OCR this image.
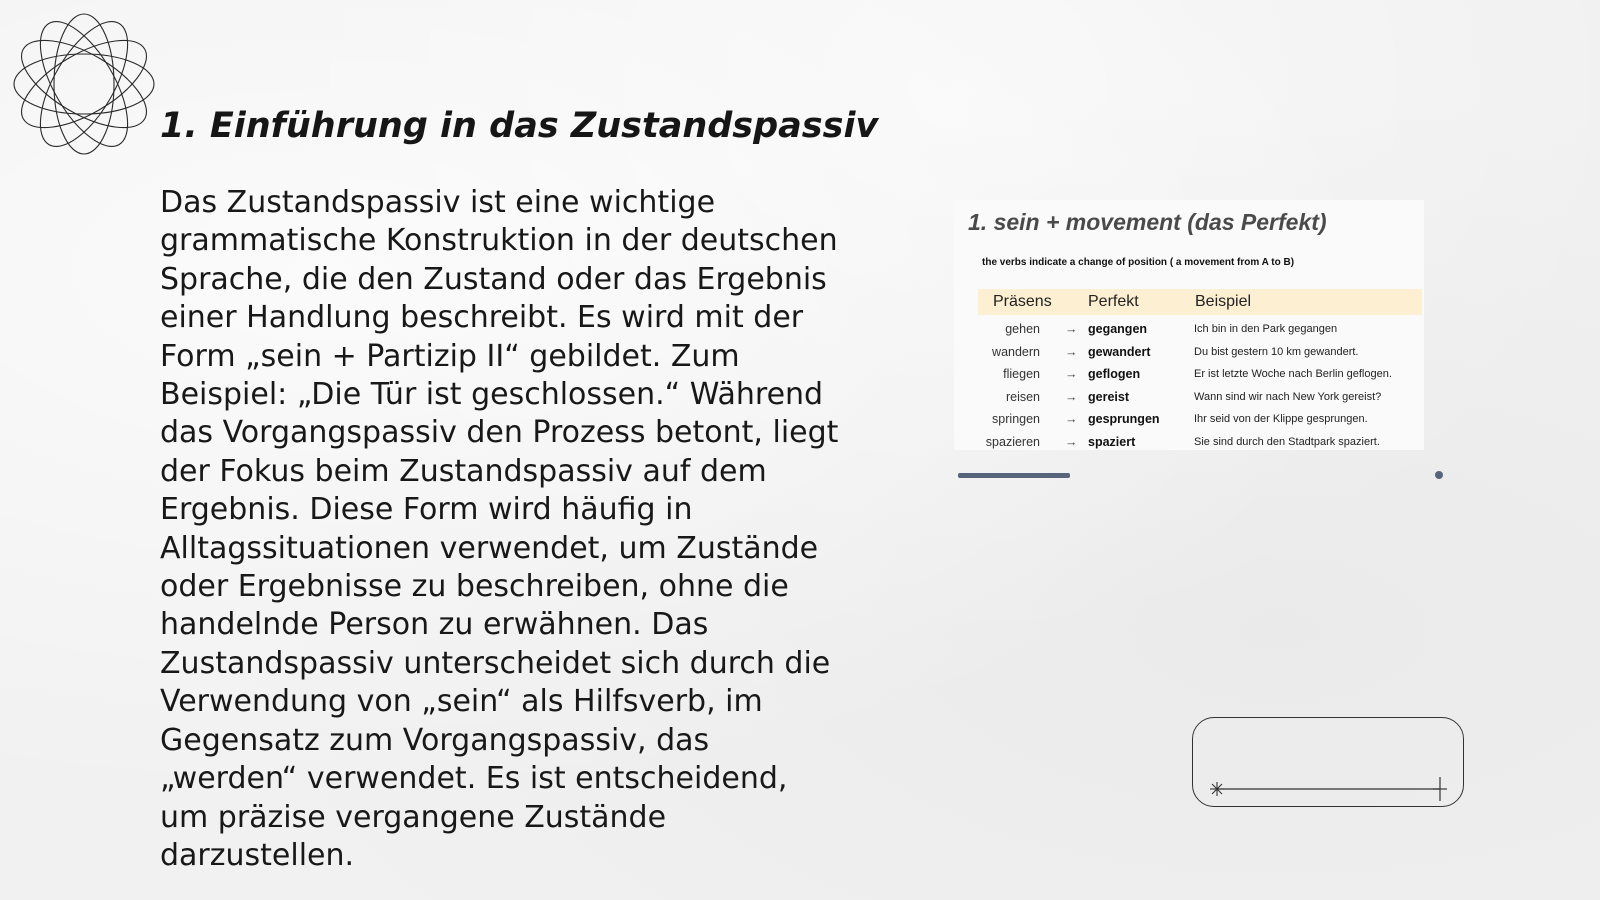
1. Einführung in das Zustandspassiv

Das Zustandspassiv ist eine wichtige grammatische Konstruktion in der deutschen Sprache, die den Zustand oder das Ergebnis einer Handlung beschreibt. Es wird mit der Form „sein + Partizip II“ gebildet. Zum Beispiel: „Die Tür ist geschlossen.“ Während das Vorgangspassiv den Prozess betont, liegt der Fokus beim Zustandspassiv auf dem Ergebnis. Diese Form wird häufig in Alltagssituationen verwendet, um Zustände oder Ergebnisse zu beschreiben, ohne die handelnde Person zu erwähnen. Das Zustandspassiv unterscheidet sich durch die Verwendung von „sein“ als Hilfsverb, im Gegensatz zum Vorgangspassiv, das „werden“ verwendet. Es ist entscheidend, um präzise vergangene Zustände darzustellen.

1. sein + movement (das Perfekt)

the verbs indicate a change of position ( a movement from A to B)

Präsens Perfekt	Beispiel
gehen → gegangen	Ich bin in den Park gegangen
wandern → gewandert	Du bist gestern 10 km gewandert.
fliegen → geflogen	Er ist letzte Woche nach Berlin geflogen.
reisen → gereist	Wann sind wir nach New York gereist?
springen → gesprungen	Ihr seid von der Klippe gesprungen.
spazieren → spaziert	Sie sind durch den Stadtpark spaziert.
